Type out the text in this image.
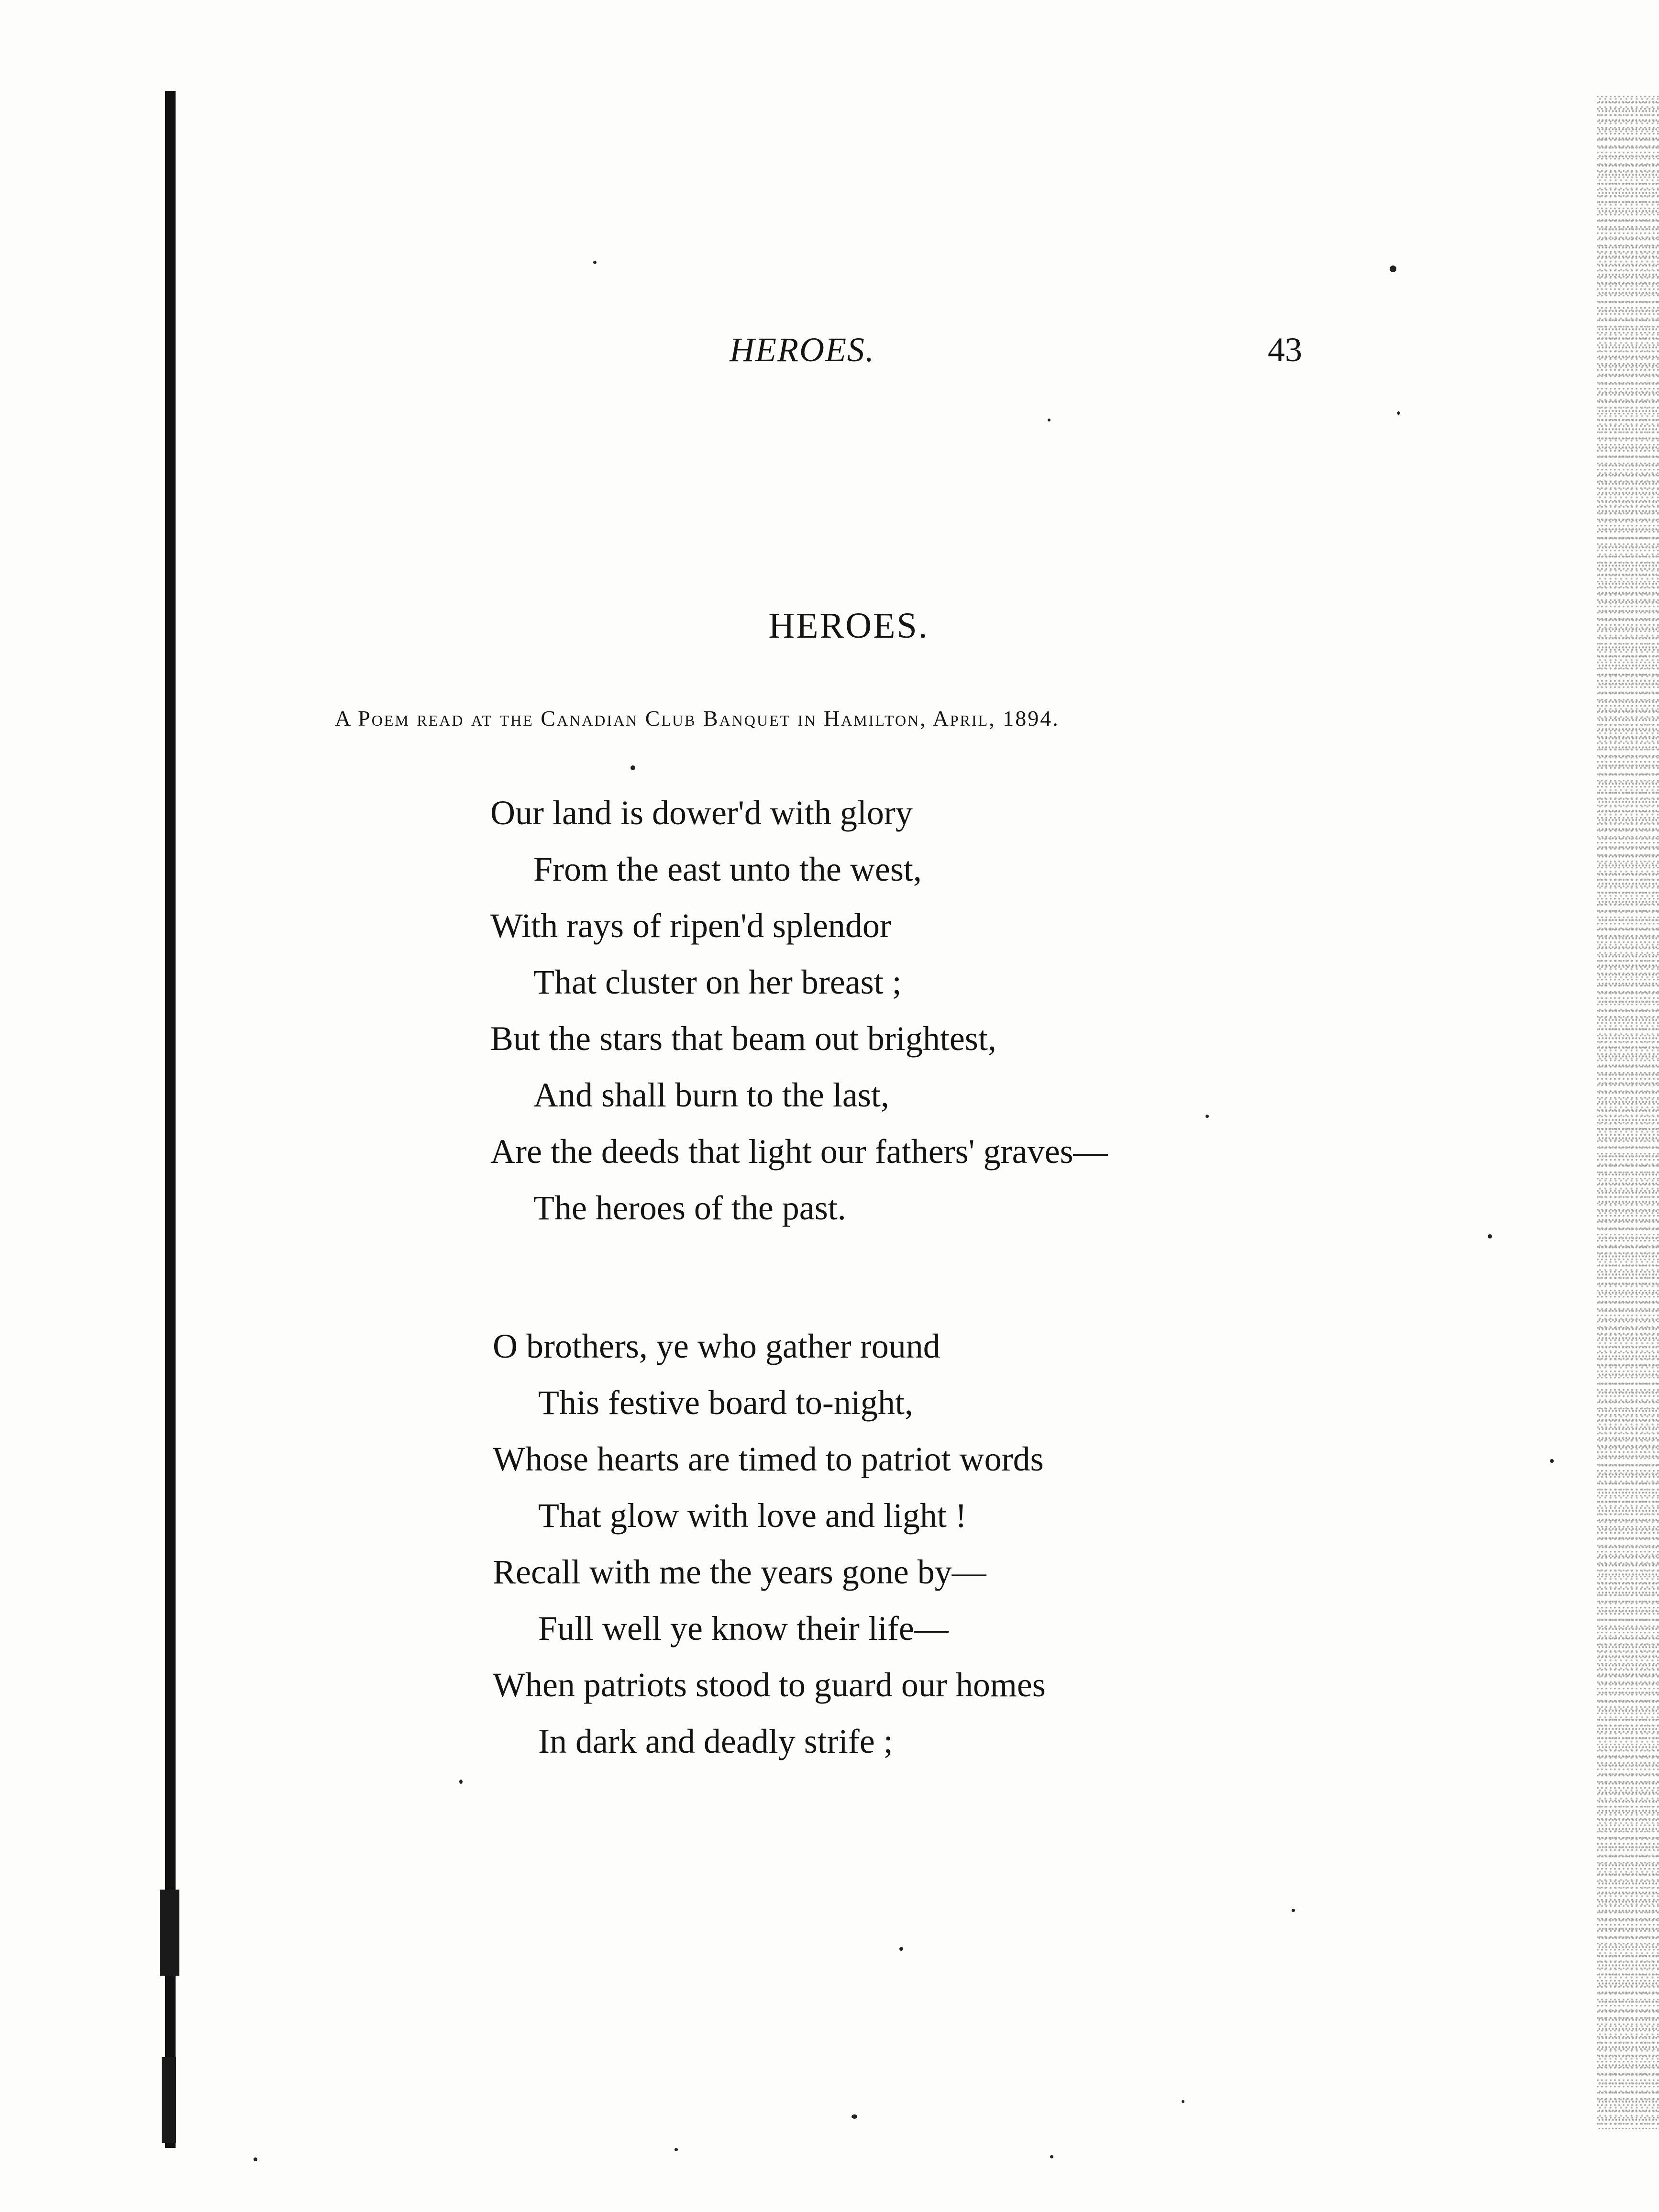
HEROES.	43
HEROES.
A Poem read at the Canadian Club Banquet in Hamilton, April, 1894.
Our land is dower'd with glory
From the east unto the west,
With rays of ripen'd splendor
That cluster on her breast ;
But the stars that beam out brightest,
And shall burn to the last,
Are the deeds that light our fathers' graves—
The heroes of the past.
O brothers, ye who gather round
This festive board to-night,
Whose hearts are timed to patriot words
That glow with love and light !
Recall with me the years gone by—
Full well ye know their life—
When patriots stood to guard our homes
In dark and deadly strife ;
